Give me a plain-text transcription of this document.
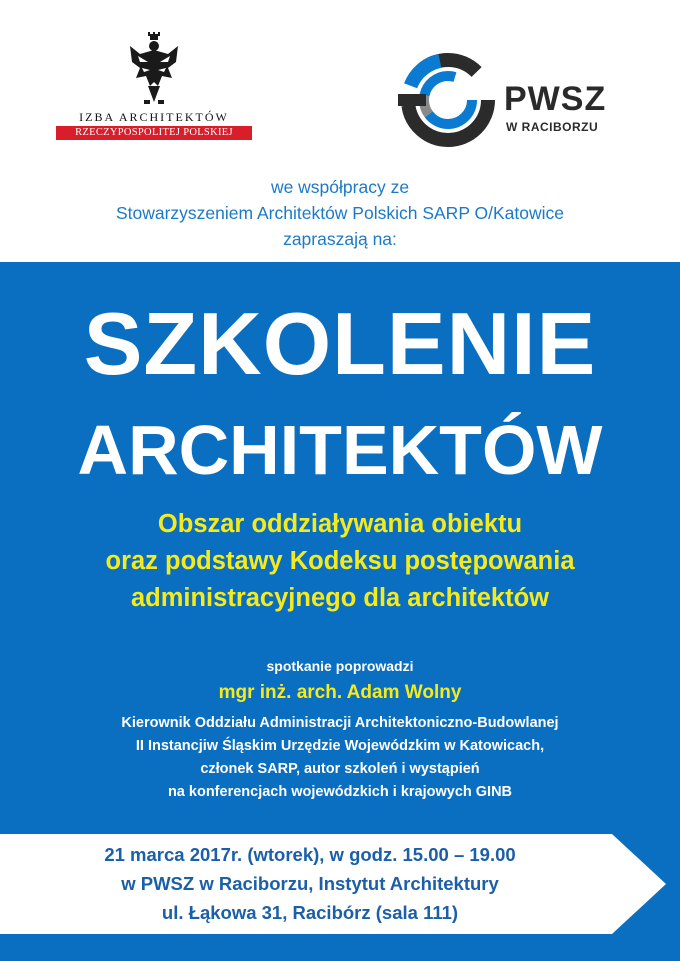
IZBA ARCHITEKTÓW
RZECZYPOSPOLITEJ POLSKIEJ
PWSZ
W RACIBORZU
we współpracy ze
Stowarzyszeniem Architektów Polskich SARP O/Katowice
zapraszają na:
SZKOLENIE
ARCHITEKTÓW
Obszar oddziaływania obiektu
oraz podstawy Kodeksu postępowania
administracyjnego dla architektów
spotkanie poprowadzi
mgr inż. arch. Adam Wolny
Kierownik Oddziału Administracji Architektoniczno-Budowlanej
II Instancjiw Śląskim Urzędzie Wojewódzkim w Katowicach,
członek SARP, autor szkoleń i wystąpień
na konferencjach wojewódzkich i krajowych GINB
21 marca 2017r. (wtorek), w godz. 15.00 – 19.00
w PWSZ w Raciborzu, Instytut Architektury
ul. Łąkowa 31, Racibórz (sala 111)
